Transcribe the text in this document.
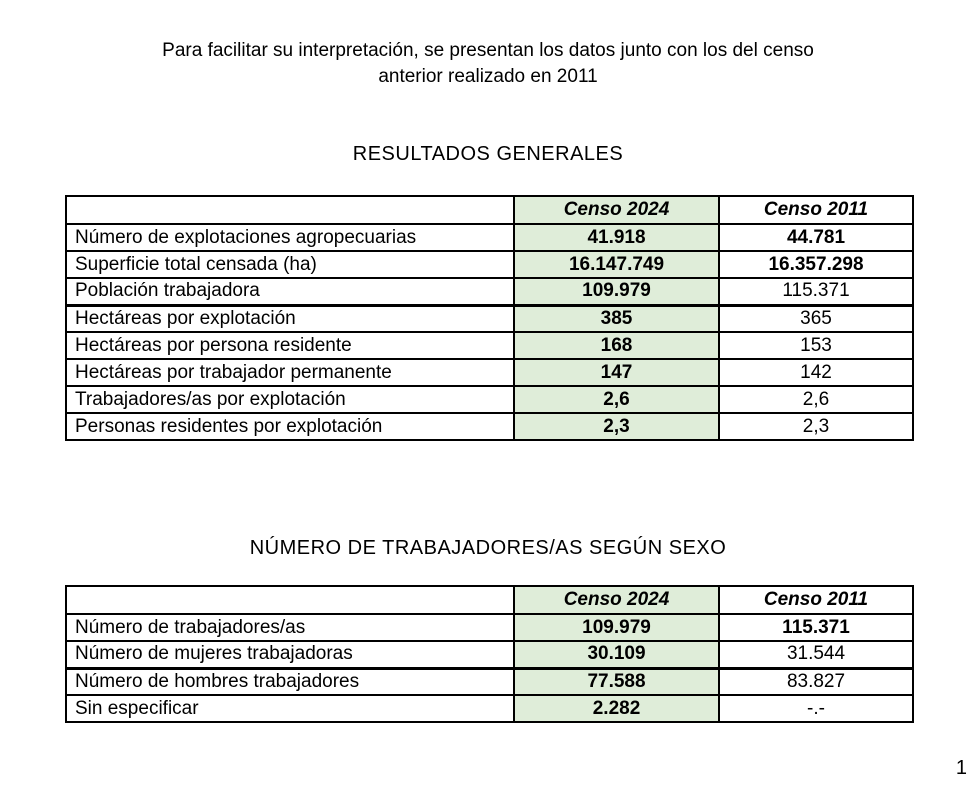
Para facilitar su interpretación, se presentan los datos junto con los del censo
anterior realizado en 2011
RESULTADOS GENERALES
	Censo 2024	Censo 2011
Número de explotaciones agropecuarias	41.918	44.781
Superficie total censada (ha)	16.147.749	16.357.298
Población trabajadora	109.979	115.371
Hectáreas por explotación	385	365
Hectáreas por persona residente	168	153
Hectáreas por trabajador permanente	147	142
Trabajadores/as por explotación	2,6	2,6
Personas residentes por explotación	2,3	2,3
NÚMERO DE TRABAJADORES/AS SEGÚN SEXO
	Censo 2024	Censo 2011
Número de trabajadores/as	109.979	115.371
Número de mujeres trabajadoras	30.109	31.544
Número de hombres trabajadores	77.588	83.827
Sin especificar	2.282	-.-
1
